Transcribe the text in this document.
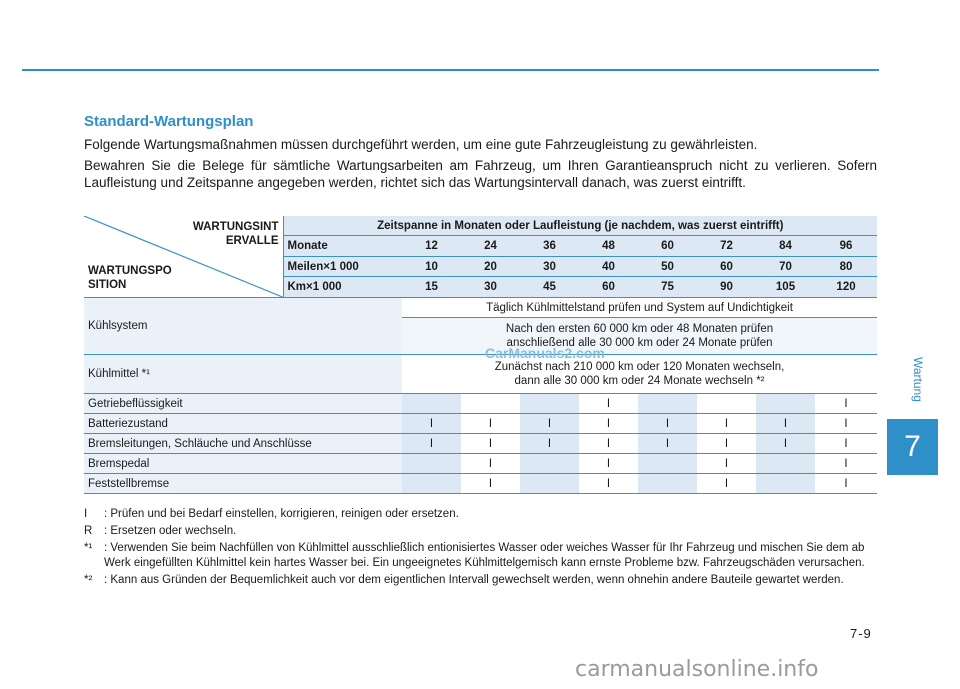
Standard-Wartungsplan

Folgende Wartungsmaßnahmen müssen durchgeführt werden, um eine gute Fahrzeugleistung zu gewährleisten.

Bewahren Sie die Belege für sämtliche Wartungsarbeiten am Fahrzeug, um Ihren Garantieanspruch nicht zu verlieren. Sofern Laufleistung und Zeitspanne angegeben werden, richtet sich das Wartungsintervall danach, was zuerst eintrifft.

WARTUNGSINT ERVALLE
WARTUNGSPO SITION	Zeitspanne in Monaten oder Laufleistung (je nachdem, was zuerst eintrifft)								
	Monate	12	24	36	48	60	72	84	96
	Meilen×1 000	10	20	30	40	50	60	70	80
	Km×1 000	15	30	45	60	75	90	105	120
Kühlsystem		Täglich Kühlmittelstand prüfen und System auf Undichtigkeit							

		Nach den ersten 60 000 km oder 48 Monaten prüfen
anschließend alle 30 000 km oder 24 Monate prüfen							

Kühlmittel *¹		Zunächst nach 210 000 km oder 120 Monaten wechseln,
dann alle 30 000 km oder 24 Monate wechseln *²							

Getriebeflüssigkeit					I				I
Batteriezustand		I	I	I	I	I	I	I	I
Bremsleitungen, Schläuche und Anschlüsse		I	I	I	I	I	I	I	I
Bremspedal			I		I		I		I
Feststellbremse			I		I		I		I
CarManuals2.com
I	: Prüfen und bei Bedarf einstellen, korrigieren, reinigen oder ersetzen.
R	: Ersetzen oder wechseln.
*¹	: Verwenden Sie beim Nachfüllen von Kühlmittel ausschließlich entionisiertes Wasser oder weiches Wasser für Ihr Fahrzeug und mischen Sie dem ab Werk eingefüllten Kühlmittel kein hartes Wasser bei. Ein ungeeignetes Kühlmittelgemisch kann ernste Probleme bzw. Fahrzeugschäden verursachen.
*²	: Kann aus Gründen der Bequemlichkeit auch vor dem eigentlichen Intervall gewechselt werden, wenn ohnehin andere Bauteile gewartet werden.
Wartung
7
7-9
carmanualsonline.info
